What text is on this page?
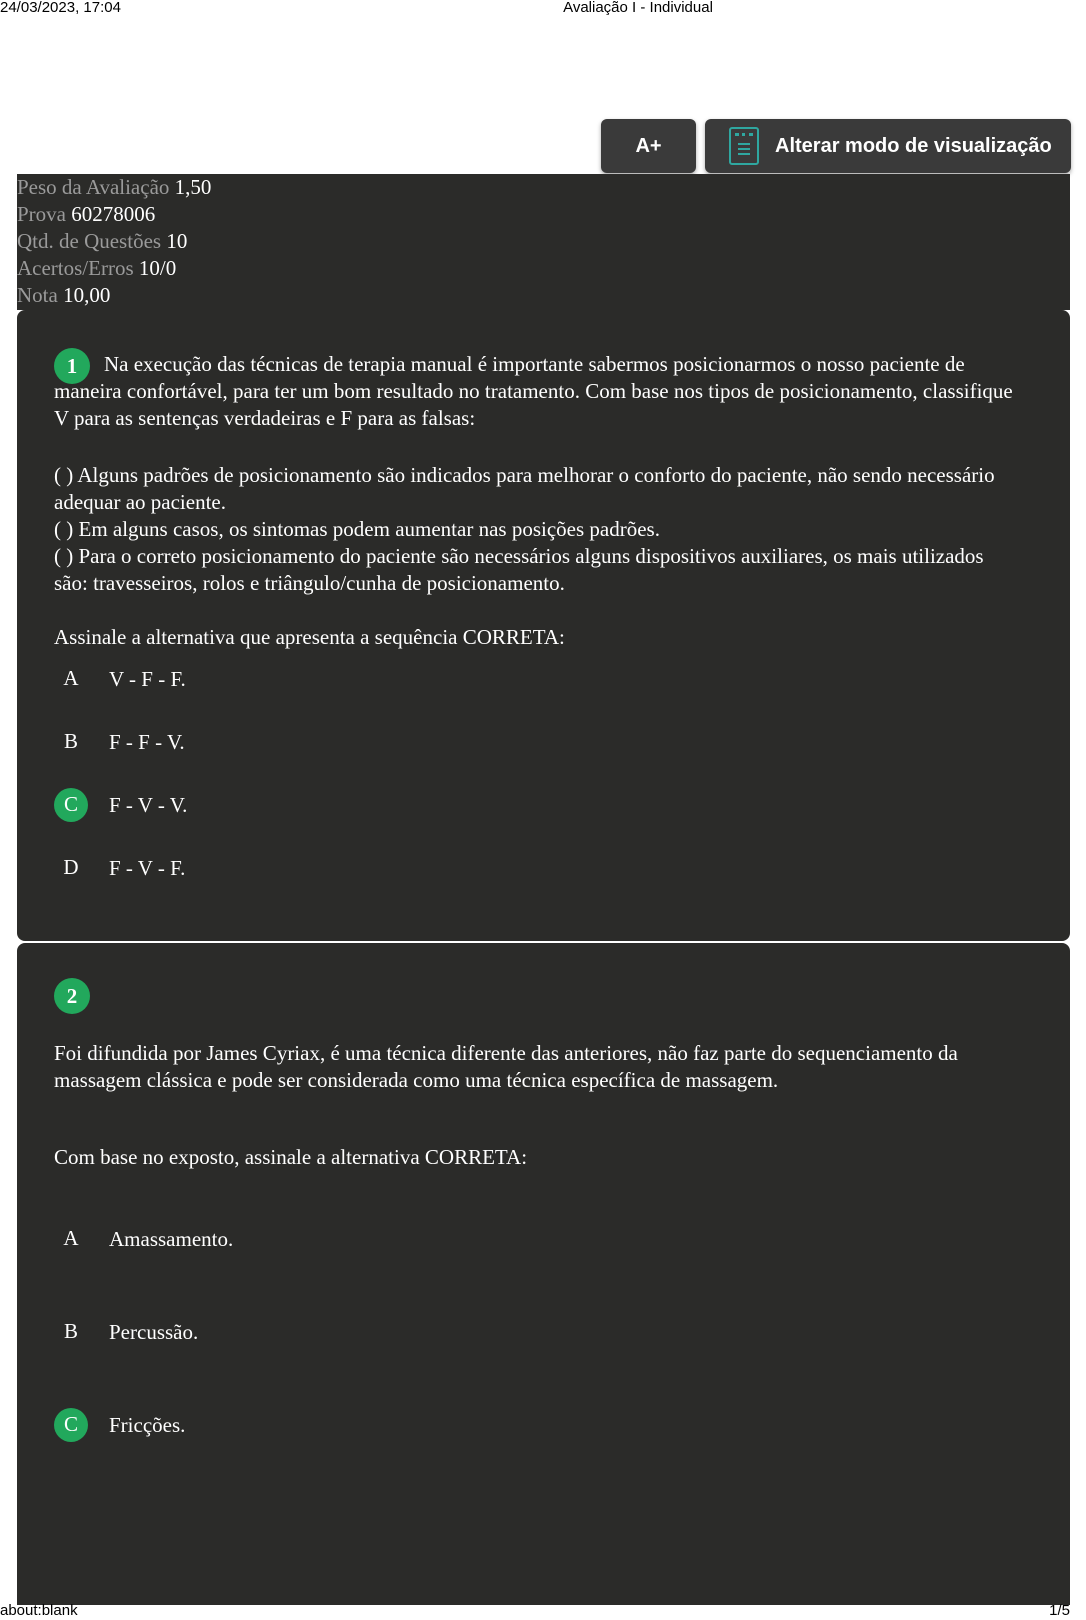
24/03/2023, 17:04	Avaliação I - Individual
A+	Alterar modo de visualização
Peso da Avaliação 1,50
Prova 60278006
Qtd. de Questões 10
Acertos/Erros 10/0
Nota 10,00
1	Na execução das técnicas de terapia manual é importante sabermos posicionarmos o nosso paciente de maneira confortável, para ter um bom resultado no tratamento. Com base nos tipos de posicionamento, classifique V para as sentenças verdadeiras e F para as falsas:

( ) Alguns padrões de posicionamento são indicados para melhorar o conforto do paciente, não sendo necessário adequar ao paciente.

( ) Em alguns casos, os sintomas podem aumentar nas posições padrões.

( ) Para o correto posicionamento do paciente são necessários alguns dispositivos auxiliares, os mais utilizados são: travesseiros, rolos e triângulo/cunha de posicionamento.

Assinale a alternativa que apresenta a sequência CORRETA:

A	V - F - F.
B	F - F - V.
C	F - V - V.
D	F - V - F.
2

Foi difundida por James Cyriax, é uma técnica diferente das anteriores, não faz parte do sequenciamento da massagem clássica e pode ser considerada como uma técnica específica de massagem.

Com base no exposto, assinale a alternativa CORRETA:

A	Amassamento.
B	Percussão.
C	Fricções.
about:blank	1/5
